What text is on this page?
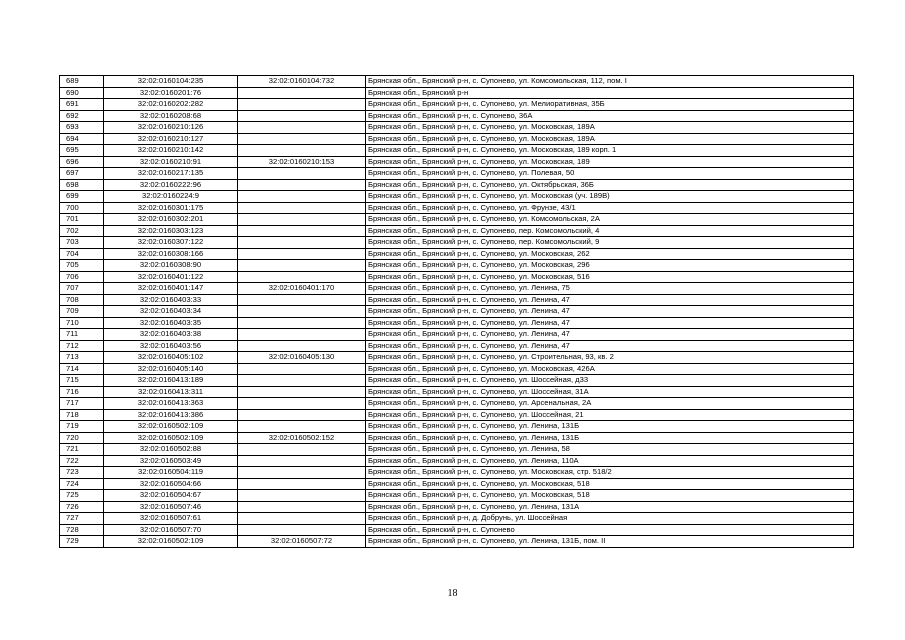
689	32:02:0160104:235	32:02:0160104:732	Брянская обл., Брянский р-н, с. Супонево, ул. Комсомольская, 112, пом. I
690	32:02:0160201:76		Брянская обл., Брянский р-н
691	32:02:0160202:282		Брянская обл., Брянский р-н, с. Супонево, ул. Мелиоративная, 35Б
692	32:02:0160208:68		Брянская обл., Брянский р-н, с. Супонево, 36А
693	32:02:0160210:126		Брянская обл., Брянский р-н, с. Супонево, ул. Московская, 189А
694	32:02:0160210:127		Брянская обл., Брянский р-н, с. Супонево, ул. Московская, 189А
695	32:02:0160210:142		Брянская обл., Брянский р-н, с. Супонево, ул. Московская, 189 корп. 1
696	32:02:0160210:91	32:02:0160210:153	Брянская обл., Брянский р-н, с. Супонево, ул. Московская, 189
697	32:02:0160217:135		Брянская обл., Брянский р-н, с. Супонево, ул. Полевая, 50
698	32:02:0160222:96		Брянская обл., Брянский р-н, с. Супонево, ул. Октябрьская, 36Б
699	32:02:0160224:9		Брянская обл., Брянский р-н, с. Супонево, ул. Московская (уч. 189В)
700	32:02:0160301:175		Брянская обл., Брянский р-н, с. Супонево, ул. Фрунзе, 43/1
701	32:02:0160302:201		Брянская обл., Брянский р-н, с. Супонево, ул. Комсомольская, 2А
702	32:02:0160303:123		Брянская обл., Брянский р-н, с. Супонево, пер. Комсомольский, 4
703	32:02:0160307:122		Брянская обл., Брянский р-н, с. Супонево, пер. Комсомольский, 9
704	32:02:0160308:166		Брянская обл., Брянский р-н, с. Супонево, ул. Московская, 262
705	32:02:0160308:90		Брянская обл., Брянский р-н, с. Супонево, ул. Московская, 296
706	32:02:0160401:122		Брянская обл., Брянский р-н, с. Супонево, ул. Московская, 516
707	32:02:0160401:147	32:02:0160401:170	Брянская обл., Брянский р-н, с. Супонево, ул. Ленина, 75
708	32:02:0160403:33		Брянская обл., Брянский р-н, с. Супонево, ул. Ленина, 47
709	32:02:0160403:34		Брянская обл., Брянский р-н, с. Супонево, ул. Ленина, 47
710	32:02:0160403:35		Брянская обл., Брянский р-н, с. Супонево, ул. Ленина, 47
711	32:02:0160403:38		Брянская обл., Брянский р-н, с. Супонево, ул. Ленина, 47
712	32:02:0160403:56		Брянская обл., Брянский р-н, с. Супонево, ул. Ленина, 47
713	32:02:0160405:102	32:02:0160405:130	Брянская обл., Брянский р-н, с. Супонево, ул. Строительная, 93, кв. 2
714	32:02:0160405:140		Брянская обл., Брянский р-н, с. Супонево, ул. Московская, 426А
715	32:02:0160413:189		Брянская обл., Брянский р-н, с. Супонево, ул. Шоссейная, д33
716	32:02:0160413:311		Брянская обл., Брянский р-н, с. Супонево, ул. Шоссейная, 31А
717	32:02:0160413:363		Брянская обл., Брянский р-н, с. Супонево, ул. Арсенальная, 2А
718	32:02:0160413:386		Брянская обл., Брянский р-н, с. Супонево, ул. Шоссейная, 21
719	32:02:0160502:109		Брянская обл., Брянский р-н, с. Супонево, ул. Ленина, 131Б
720	32:02:0160502:109	32:02:0160502:152	Брянская обл., Брянский р-н, с. Супонево, ул. Ленина, 131Б
721	32:02:0160502:88		Брянская обл., Брянский р-н, с. Супонево, ул. Ленина, 58
722	32:02:0160503:49		Брянская обл., Брянский р-н, с. Супонево, ул. Ленина, 110А
723	32:02:0160504:119		Брянская обл., Брянский р-н, с. Супонево, ул. Московская, стр. 518/2
724	32:02:0160504:66		Брянская обл., Брянский р-н, с. Супонево, ул. Московская, 518
725	32:02:0160504:67		Брянская обл., Брянский р-н, с. Супонево, ул. Московская, 518
726	32:02:0160507:46		Брянская обл., Брянский р-н, с. Супонево, ул. Ленина, 131А
727	32:02:0160507:61		Брянская обл., Брянский р-н, д. Добрунь, ул. Шоссейная
728	32:02:0160507:70		Брянская обл., Брянский р-н, с. Супонево
729	32:02:0160502:109	32:02:0160507:72	Брянская обл., Брянский р-н, с. Супонево, ул. Ленина, 131Б, пом. II
18
